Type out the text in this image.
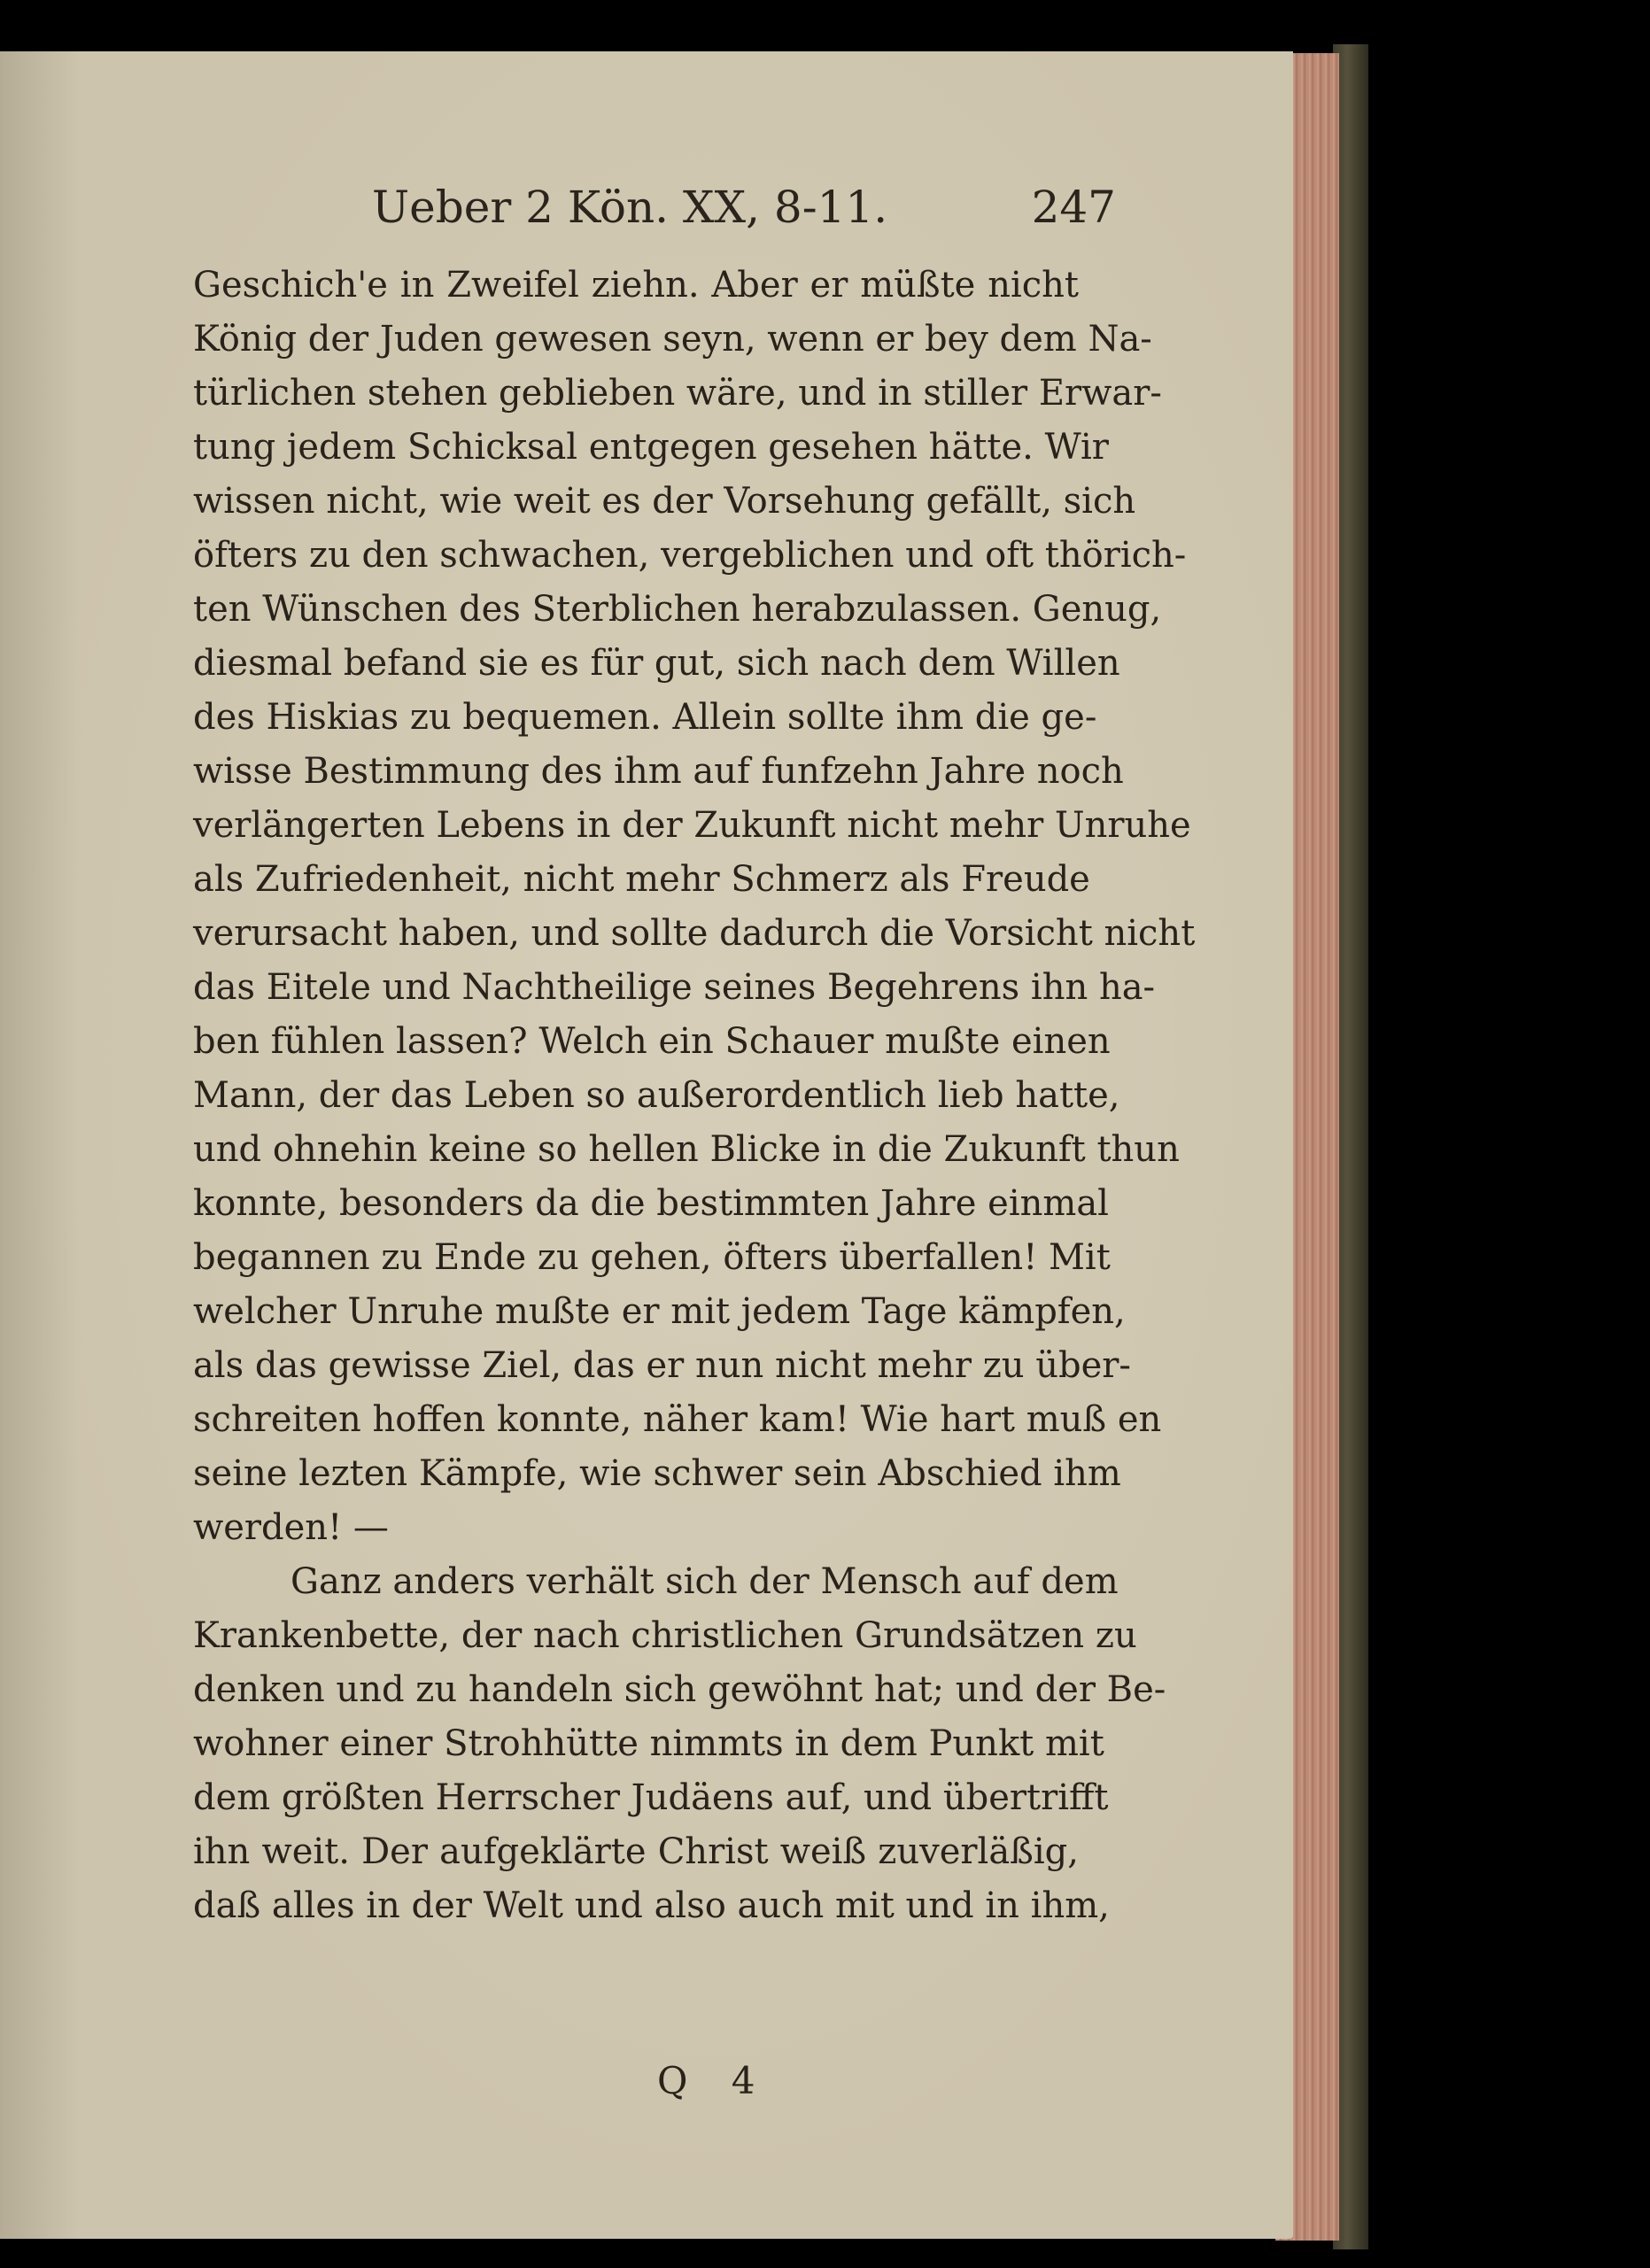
Ueber 2 Kön. XX, 8-11.	247
Geschich'e in Zweifel ziehn. Aber er müßte nicht
König der Juden gewesen seyn, wenn er bey dem Na-
türlichen stehen geblieben wäre, und in stiller Erwar-
tung jedem Schicksal entgegen gesehen hätte. Wir
wissen nicht, wie weit es der Vorsehung gefällt, sich
öfters zu den schwachen, vergeblichen und oft thörich-
ten Wünschen des Sterblichen herabzulassen. Genug,
diesmal befand sie es für gut, sich nach dem Willen
des Hiskias zu bequemen. Allein sollte ihm die ge-
wisse Bestimmung des ihm auf funfzehn Jahre noch
verlängerten Lebens in der Zukunft nicht mehr Unruhe
als Zufriedenheit, nicht mehr Schmerz als Freude
verursacht haben, und sollte dadurch die Vorsicht nicht
das Eitele und Nachtheilige seines Begehrens ihn ha-
ben fühlen lassen? Welch ein Schauer mußte einen
Mann, der das Leben so außerordentlich lieb hatte,
und ohnehin keine so hellen Blicke in die Zukunft thun
konnte, besonders da die bestimmten Jahre einmal
begannen zu Ende zu gehen, öfters überfallen! Mit
welcher Unruhe mußte er mit jedem Tage kämpfen,
als das gewisse Ziel, das er nun nicht mehr zu über-
schreiten hoffen konnte, näher kam! Wie hart muß en
seine lezten Kämpfe, wie schwer sein Abschied ihm
werden! —
Ganz anders verhält sich der Mensch auf dem
Krankenbette, der nach christlichen Grundsätzen zu
denken und zu handeln sich gewöhnt hat; und der Be-
wohner einer Strohhütte nimmts in dem Punkt mit
dem größten Herrscher Judäens auf, und übertrifft
ihn weit. Der aufgeklärte Christ weiß zuverläßig,
daß alles in der Welt und also auch mit und in ihm,
Q 4
